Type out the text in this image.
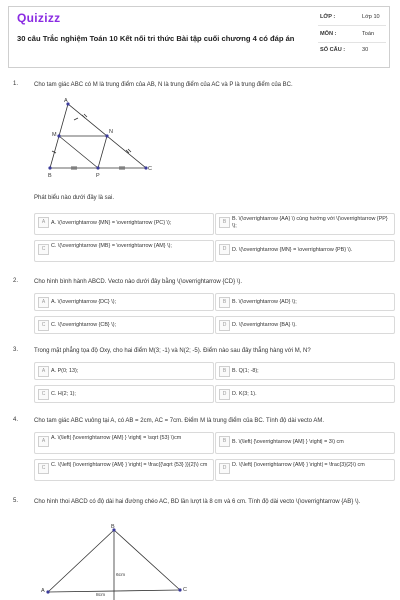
Quizizz
30 câu Trắc nghiệm Toán 10 Kết nối tri thức Bài tập cuối chương 4 có đáp án
LỚP :	Lớp 10
MÔN :	Toán
SỐ CÂU :	30
1.	Cho tam giác ABC có M là trung điểm của AB, N là trung điểm của AC và P là trung điểm của BC.
A
M	N
B	P
C
Phát biểu nào dưới đây là sai.
A	A. \(\overrightarrow {MN} = \overrightarrow {PC} \);	B	B. \(\overrightarrow {AA} \) cùng hướng với \(\overrightarrow {PP} \);
C	C. \(\overrightarrow {MB} = \overrightarrow {AM} \);	D	D. \(\overrightarrow {MN} = \overrightarrow {PB} \).
2.	Cho hình bình hành ABCD. Vecto nào dưới đây bằng \(\overrightarrow {CD} \).
A	A. \(\overrightarrow {DC} \);	B	B. \(\overrightarrow {AD} \);
C	C. \(\overrightarrow {CB} \);	D	D. \(\overrightarrow {BA} \).
3.	Trong mặt phẳng tọa độ Oxy, cho hai điểm M(3; -1) và N(2; -5). Điểm nào sau đây thẳng hàng với M, N?
A	A. P(0; 13);	B	B. Q(1; -8);
C	C. H(2; 1);	D	D. K(3; 1).
4.	Cho tam giác ABC vuông tại A, có AB = 2cm, AC = 7cm. Điểm M là trung điểm của BC. Tính độ dài vecto AM.
A	A. \(\left| {\overrightarrow {AM} } \right| = \sqrt {53} \)cm	B	B. \(\left| {\overrightarrow {AM} } \right| = 3\) cm
C	C. \(\left| {\overrightarrow {AM} } \right| = \frac{{\sqrt {53} }}{2}\) cm	D	D. \(\left| {\overrightarrow {AM} } \right| = \frac{3}{2}\) cm
5.	Cho hình thoi ABCD có độ dài hai đường chéo AC, BD lần lượt là 8 cm và 6 cm. Tính độ dài vecto \(\overrightarrow {AB} \).
B
A	C
6cm
8cm
